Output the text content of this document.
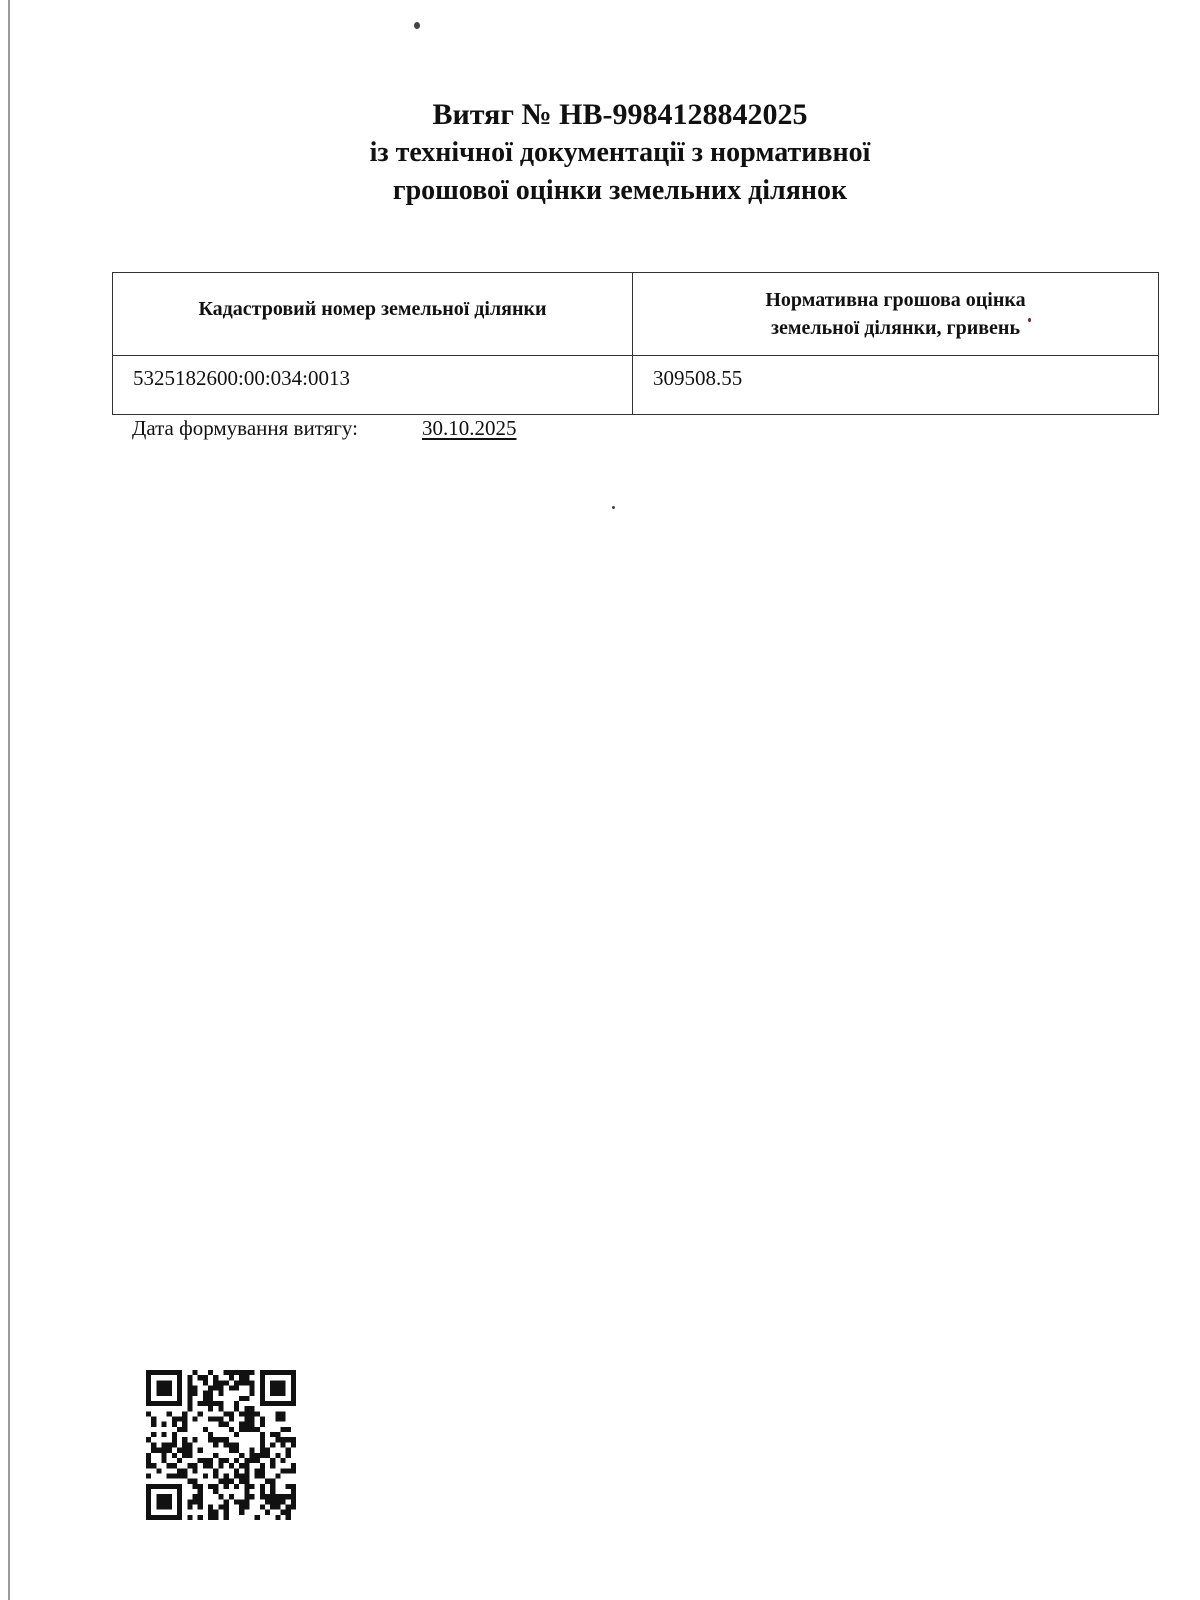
Витяг № НВ-9984128842025
із технічної документації з нормативної
грошової оцінки земельних ділянок
Кадастровий номер земельної ділянки	Нормативна грошова оцінка
земельної ділянки, гривень
5325182600:00:034:0013	309508.55
Дата формування витягу:	30.10.2025
